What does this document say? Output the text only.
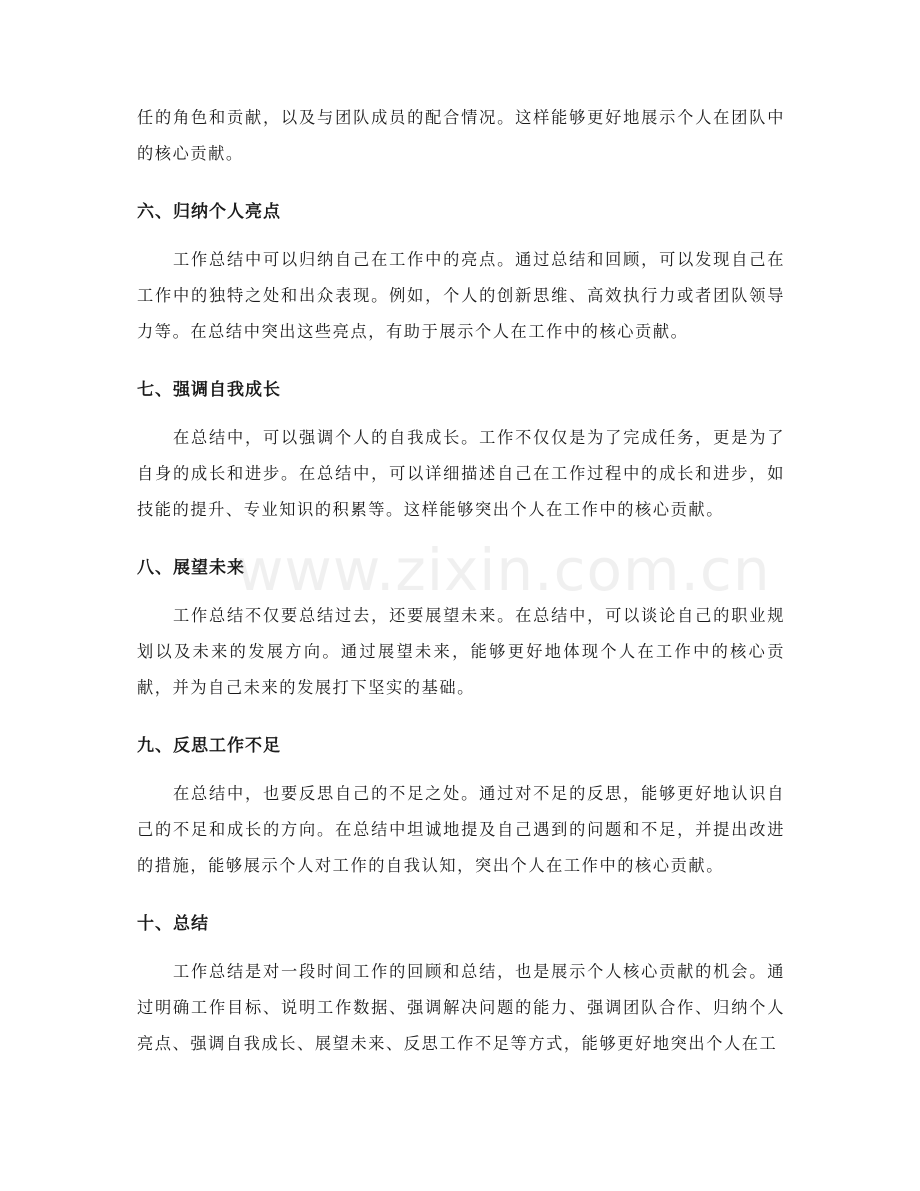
任的角色和贡献，以及与团队成员的配合情况。这样能够更好地展示个人在团队中的核心贡献。

六、归纳个人亮点

工作总结中可以归纳自己在工作中的亮点。通过总结和回顾，可以发现自己在工作中的独特之处和出众表现。例如，个人的创新思维、高效执行力或者团队领导力等。在总结中突出这些亮点，有助于展示个人在工作中的核心贡献。

七、强调自我成长

在总结中，可以强调个人的自我成长。工作不仅仅是为了完成任务，更是为了自身的成长和进步。在总结中，可以详细描述自己在工作过程中的成长和进步，如技能的提升、专业知识的积累等。这样能够突出个人在工作中的核心贡献。

八、展望未来

工作总结不仅要总结过去，还要展望未来。在总结中，可以谈论自己的职业规划以及未来的发展方向。通过展望未来，能够更好地体现个人在工作中的核心贡献，并为自己未来的发展打下坚实的基础。

九、反思工作不足

在总结中，也要反思自己的不足之处。通过对不足的反思，能够更好地认识自己的不足和成长的方向。在总结中坦诚地提及自己遇到的问题和不足，并提出改进的措施，能够展示个人对工作的自我认知，突出个人在工作中的核心贡献。

十、总结

工作总结是对一段时间工作的回顾和总结，也是展示个人核心贡献的机会。通过明确工作目标、说明工作数据、强调解决问题的能力、强调团队合作、归纳个人亮点、强调自我成长、展望未来、反思工作不足等方式，能够更好地突出个人在工

www.zixin.com.cn
